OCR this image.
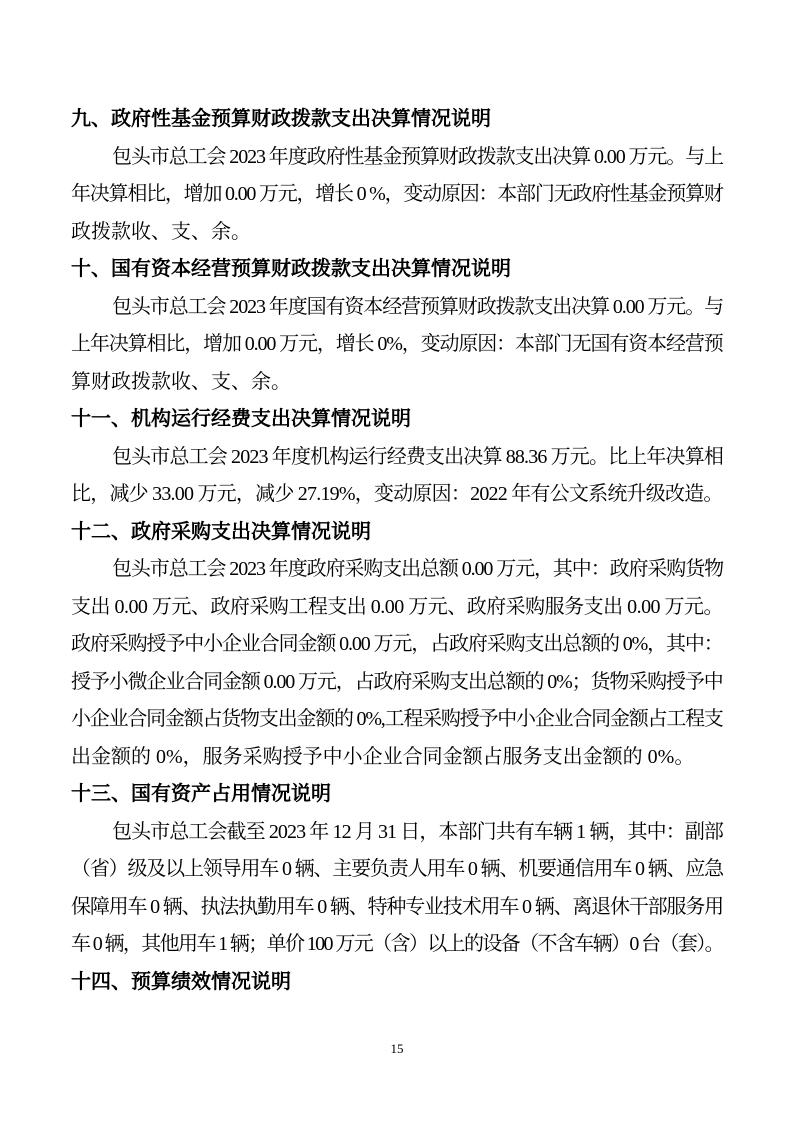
九、政府性基金预算财政拨款支出决算情况说明

包头市总工会 2023 年度政府性基金预算财政拨款支出决算 0.00 万元。与上

年决算相比，增加 0.00 万元，增长 0 %，变动原因：本部门无政府性基金预算财

政拨款收、支、余。

十、国有资本经营预算财政拨款支出决算情况说明

包头市总工会 2023 年度国有资本经营预算财政拨款支出决算 0.00 万元。与

上年决算相比，增加 0.00 万元，增长 0%，变动原因：本部门无国有资本经营预

算财政拨款收、支、余。

十一、机构运行经费支出决算情况说明

包头市总工会 2023 年度机构运行经费支出决算 88.36 万元。比上年决算相

比，减少 33.00 万元，减少 27.19%，变动原因：2022 年有公文系统升级改造。

十二、政府采购支出决算情况说明

包头市总工会 2023 年度政府采购支出总额 0.00 万元，其中：政府采购货物

支出 0.00 万元、政府采购工程支出 0.00 万元、政府采购服务支出 0.00 万元。

政府采购授予中小企业合同金额 0.00 万元，占政府采购支出总额的 0%，其中：

授予小微企业合同金额 0.00 万元，占政府采购支出总额的 0%；货物采购授予中

小企业合同金额占货物支出金额的 0%,工程采购授予中小企业合同金额占工程支

出金额的 0%，服务采购授予中小企业合同金额占服务支出金额的 0%。

十三、国有资产占用情况说明

包头市总工会截至 2023 年 12 月 31 日，本部门共有车辆 1 辆，其中：副部

（省）级及以上领导用车 0 辆、主要负责人用车 0 辆、机要通信用车 0 辆、应急

保障用车 0 辆、执法执勤用车 0 辆、特种专业技术用车 0 辆、离退休干部服务用

车 0 辆，其他用车 1 辆；单价 100 万元（含）以上的设备（不含车辆）0 台（套）。

十四、预算绩效情况说明
15
